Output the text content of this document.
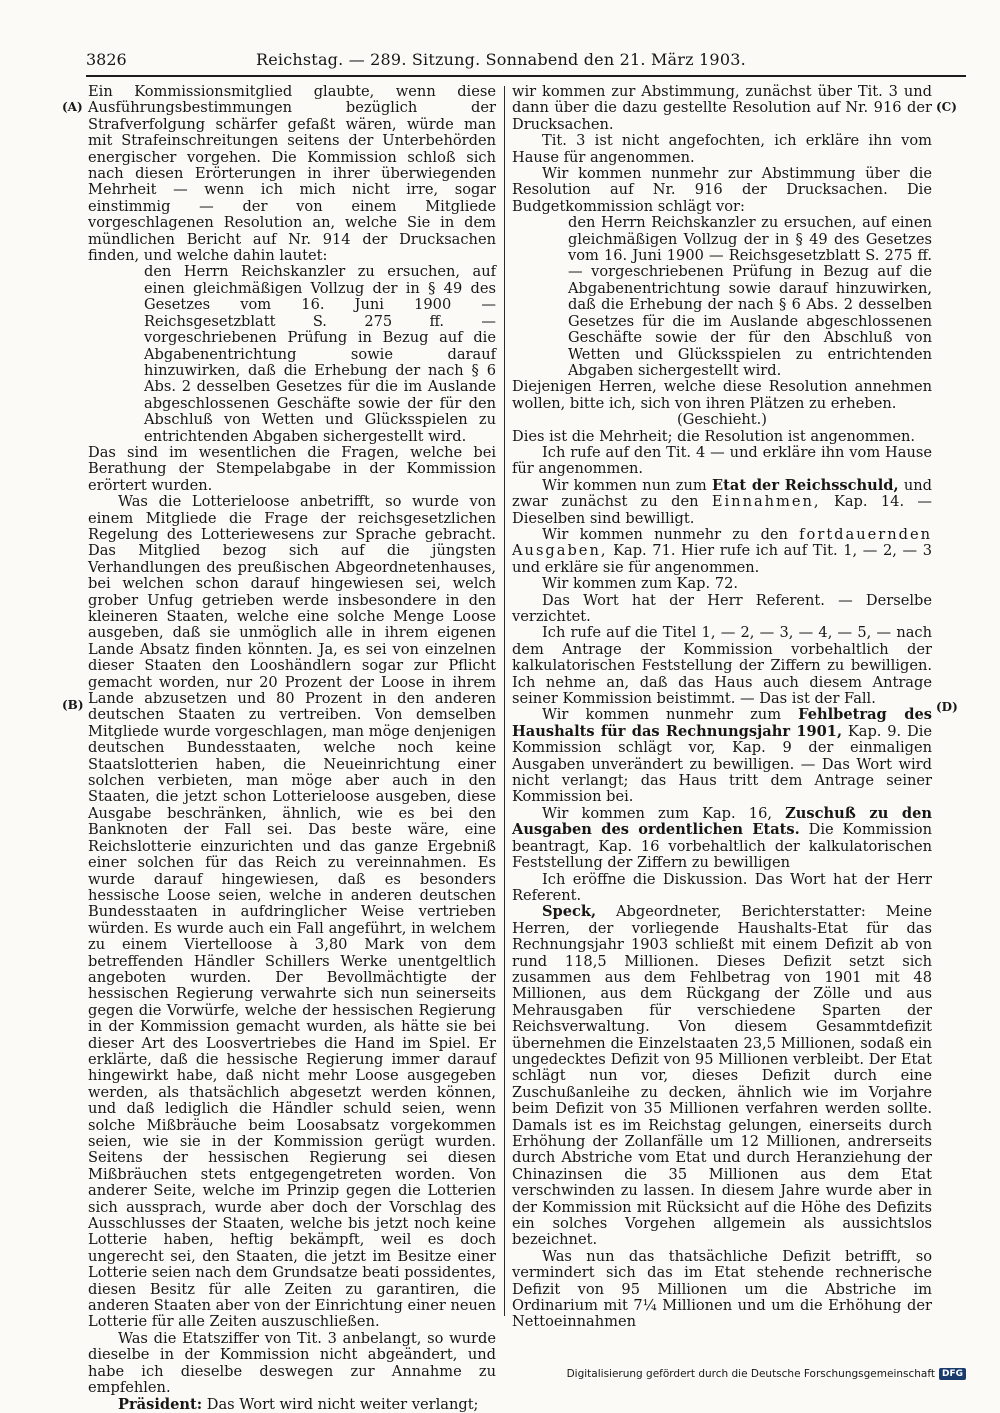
3826	Reichstag. — 289. Sitzung. Sonnabend den 21. März 1903.
(A)
(B)
(C)
(D)

Ein Kommissionsmitglied glaubte, wenn diese Ausführungsbestimmungen bezüglich der Strafverfolgung schärfer gefaßt wären, würde man mit Strafeinschreitungen seitens der Unterbehörden energischer vorgehen. Die Kommission schloß sich nach diesen Erörterungen in ihrer überwiegenden Mehrheit — wenn ich mich nicht irre, sogar einstimmig — der von einem Mitgliede vorgeschlagenen Resolution an, welche Sie in dem mündlichen Bericht auf Nr. 914 der Drucksachen finden, und welche dahin lautet:

den Herrn Reichskanzler zu ersuchen, auf einen gleichmäßigen Vollzug der in § 49 des Gesetzes vom 16. Juni 1900 — Reichsgesetzblatt S. 275 ff. — vorgeschriebenen Prüfung in Bezug auf die Abgabenentrichtung sowie darauf hinzuwirken, daß die Erhebung der nach § 6 Abs. 2 desselben Gesetzes für die im Auslande abgeschlossenen Geschäfte sowie der für den Abschluß von Wetten und Glücksspielen zu entrichtenden Abgaben sichergestellt wird.

Das sind im wesentlichen die Fragen, welche bei Berathung der Stempelabgabe in der Kommission erörtert wurden.

Was die Lotterieloose anbetrifft, so wurde von einem Mitgliede die Frage der reichsgesetzlichen Regelung des Lotteriewesens zur Sprache gebracht. Das Mitglied bezog sich auf die jüngsten Verhandlungen des preußischen Abgeordnetenhauses, bei welchen schon darauf hingewiesen sei, welch grober Unfug getrieben werde insbesondere in den kleineren Staaten, welche eine solche Menge Loose ausgeben, daß sie unmöglich alle in ihrem eigenen Lande Absatz finden könnten. Ja, es sei von einzelnen dieser Staaten den Looshändlern sogar zur Pflicht gemacht worden, nur 20 Prozent der Loose in ihrem Lande abzusetzen und 80 Prozent in den anderen deutschen Staaten zu vertreiben. Von demselben Mitgliede wurde vorgeschlagen, man möge denjenigen deutschen Bundesstaaten, welche noch keine Staatslotterien haben, die Neueinrichtung einer solchen verbieten, man möge aber auch in den Staaten, die jetzt schon Lotterieloose ausgeben, diese Ausgabe beschränken, ähnlich, wie es bei den Banknoten der Fall sei. Das beste wäre, eine Reichslotterie einzurichten und das ganze Ergebniß einer solchen für das Reich zu vereinnahmen. Es wurde darauf hingewiesen, daß es besonders hessische Loose seien, welche in anderen deutschen Bundesstaaten in aufdringlicher Weise vertrieben würden. Es wurde auch ein Fall angeführt, in welchem zu einem Viertelloose à 3,80 Mark von dem betreffenden Händler Schillers Werke unentgeltlich angeboten wurden. Der Bevollmächtigte der hessischen Regierung verwahrte sich nun seinerseits gegen die Vorwürfe, welche der hessischen Regierung in der Kommission gemacht wurden, als hätte sie bei dieser Art des Loosvertriebes die Hand im Spiel. Er erklärte, daß die hessische Regierung immer darauf hingewirkt habe, daß nicht mehr Loose ausgegeben werden, als thatsächlich abgesetzt werden können, und daß lediglich die Händler schuld seien, wenn solche Mißbräuche beim Loosabsatz vorgekommen seien, wie sie in der Kommission gerügt wurden. Seitens der hessischen Regierung sei diesen Mißbräuchen stets entgegengetreten worden. Von anderer Seite, welche im Prinzip gegen die Lotterien sich aussprach, wurde aber doch der Vorschlag des Ausschlusses der Staaten, welche bis jetzt noch keine Lotterie haben, heftig bekämpft, weil es doch ungerecht sei, den Staaten, die jetzt im Besitze einer Lotterie seien nach dem Grundsatze beati possidentes, diesen Besitz für alle Zeiten zu garantiren, die anderen Staaten aber von der Einrichtung einer neuen Lotterie für alle Zeiten auszuschließen.

Was die Etatsziffer von Tit. 3 anbelangt, so wurde dieselbe in der Kommission nicht abgeändert, und habe ich dieselbe deswegen zur Annahme zu empfehlen.

Präsident: Das Wort wird nicht weiter verlangt;

wir kommen zur Abstimmung, zunächst über Tit. 3 und dann über die dazu gestellte Resolution auf Nr. 916 der Drucksachen.

Tit. 3 ist nicht angefochten, ich erkläre ihn vom Hause für angenommen.

Wir kommen nunmehr zur Abstimmung über die Resolution auf Nr. 916 der Drucksachen. Die Budgetkommission schlägt vor:

den Herrn Reichskanzler zu ersuchen, auf einen gleichmäßigen Vollzug der in § 49 des Gesetzes vom 16. Juni 1900 — Reichsgesetzblatt S. 275 ff. — vorgeschriebenen Prüfung in Bezug auf die Abgabenentrichtung sowie darauf hinzuwirken, daß die Erhebung der nach § 6 Abs. 2 desselben Gesetzes für die im Auslande abgeschlossenen Geschäfte sowie der für den Abschluß von Wetten und Glücksspielen zu entrichtenden Abgaben sichergestellt wird.

Diejenigen Herren, welche diese Resolution annehmen wollen, bitte ich, sich von ihren Plätzen zu erheben.

(Geschieht.)

Dies ist die Mehrheit; die Resolution ist angenommen.

Ich rufe auf den Tit. 4 — und erkläre ihn vom Hause für angenommen.

Wir kommen nun zum Etat der Reichsschuld, und zwar zunächst zu den Einnahmen, Kap. 14. — Dieselben sind bewilligt.

Wir kommen nunmehr zu den fortdauernden Ausgaben, Kap. 71. Hier rufe ich auf Tit. 1, — 2, — 3 und erkläre sie für angenommen.

Wir kommen zum Kap. 72.

Das Wort hat der Herr Referent. — Derselbe verzichtet.

Ich rufe auf die Titel 1, — 2, — 3, — 4, — 5, — nach dem Antrage der Kommission vorbehaltlich der kalkulatorischen Feststellung der Ziffern zu bewilligen. Ich nehme an, daß das Haus auch diesem Antrage seiner Kommission beistimmt. — Das ist der Fall.

Wir kommen nunmehr zum Fehlbetrag des Haushalts für das Rechnungsjahr 1901, Kap. 9. Die Kommission schlägt vor, Kap. 9 der einmaligen Ausgaben unverändert zu bewilligen. — Das Wort wird nicht verlangt; das Haus tritt dem Antrage seiner Kommission bei.

Wir kommen zum Kap. 16, Zuschuß zu den Ausgaben des ordentlichen Etats. Die Kommission beantragt, Kap. 16 vorbehaltlich der kalkulatorischen Feststellung der Ziffern zu bewilligen

Ich eröffne die Diskussion. Das Wort hat der Herr Referent.

Speck, Abgeordneter, Berichterstatter: Meine Herren, der vorliegende Haushalts-Etat für das Rechnungsjahr 1903 schließt mit einem Defizit ab von rund 118,5 Millionen. Dieses Defizit setzt sich zusammen aus dem Fehlbetrag von 1901 mit 48 Millionen, aus dem Rückgang der Zölle und aus Mehrausgaben für verschiedene Sparten der Reichsverwaltung. Von diesem Gesammtdefizit übernehmen die Einzelstaaten 23,5 Millionen, sodaß ein ungedecktes Defizit von 95 Millionen verbleibt. Der Etat schlägt nun vor, dieses Defizit durch eine Zuschußanleihe zu decken, ähnlich wie im Vorjahre beim Defizit von 35 Millionen verfahren werden sollte. Damals ist es im Reichstag gelungen, einerseits durch Erhöhung der Zollanfälle um 12 Millionen, andrerseits durch Abstriche vom Etat und durch Heranziehung der Chinazinsen die 35 Millionen aus dem Etat verschwinden zu lassen. In diesem Jahre wurde aber in der Kommission mit Rücksicht auf die Höhe des Defizits ein solches Vorgehen allgemein als aussichtslos bezeichnet.

Was nun das thatsächliche Defizit betrifft, so vermindert sich das im Etat stehende rechnerische Defizit von 95 Millionen um die Abstriche im Ordinarium mit 7¼ Millionen und um die Erhöhung der Nettoeinnahmen

Digitalisierung gefördert durch die Deutsche Forschungsgemeinschaft DFG
